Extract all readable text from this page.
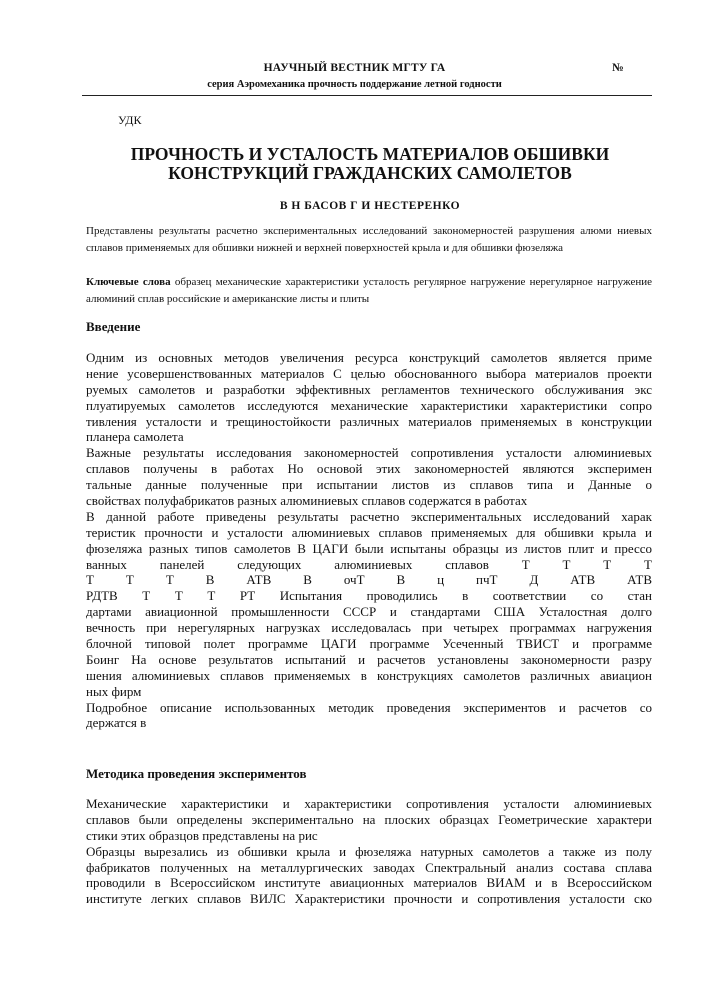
НАУЧНЫЙ ВЕСТНИК МГТУ ГА	№
серия Аэромеханика прочность поддержание летной годности
УДК
ПРОЧНОСТЬ И УСТАЛОСТЬ МАТЕРИАЛОВ ОБШИВКИ
КОНСТРУКЦИЙ ГРАЖДАНСКИХ САМОЛЕТОВ
В Н БАСОВ Г И НЕСТЕРЕНКО
Представлены результаты расчетно экспериментальных исследований закономерностей разрушения алюми ниевых сплавов применяемых для обшивки нижней и верхней поверхностей крыла и для обшивки фюзеляжа
Ключевые слова образец механические характеристики усталость регулярное нагружение нерегулярное нагружение алюминий сплав российские и американские листы и плиты
Введение
Одним из основных методов увеличения ресурса конструкций самолетов является приме
нение усовершенствованных материалов С целью обоснованного выбора материалов проекти
руемых самолетов и разработки эффективных регламентов технического обслуживания экс
плуатируемых самолетов исследуются механические характеристики характеристики сопро
тивления усталости и трещиностойкости различных материалов применяемых в конструкции
планера самолета
Важные результаты исследования закономерностей сопротивления усталости алюминиевых
сплавов получены в работах Но основой этих закономерностей являются эксперимен
тальные данные полученные при испытании листов из сплавов типа и Данные о
свойствах полуфабрикатов разных алюминиевых сплавов содержатся в работах
В данной работе приведены результаты расчетно экспериментальных исследований харак
теристик прочности и усталости алюминиевых сплавов применяемых для обшивки крыла и
фюзеляжа разных типов самолетов В ЦАГИ были испытаны образцы из листов плит и прессо
ванных панелей следующих алюминиевых сплавов Т Т Т Т
Т Т Т В АТВ В очТ В ц пчТ Д АТВ АТВ
РДТВ Т Т Т РТ Испытания проводились в соответствии со стан
дартами авиационной промышленности СССР и стандартами США Усталостная долго
вечность при нерегулярных нагрузках исследовалась при четырех программах нагружения
блочной типовой полет программе ЦАГИ программе Усеченный ТВИСТ и программе
Боинг На основе результатов испытаний и расчетов установлены закономерности разру
шения алюминиевых сплавов применяемых в конструкциях самолетов различных авиацион
ных фирм
Подробное описание использованных методик проведения экспериментов и расчетов со
держатся в
Методика проведения экспериментов
Механические характеристики и характеристики сопротивления усталости алюминиевых
сплавов были определены экспериментально на плоских образцах Геометрические характери
стики этих образцов представлены на рис
Образцы вырезались из обшивки крыла и фюзеляжа натурных самолетов а также из полу
фабрикатов полученных на металлургических заводах Спектральный анализ состава сплава
проводили в Всероссийском институте авиационных материалов ВИАМ и в Всероссийском
институте легких сплавов ВИЛС Характеристики прочности и сопротивления усталости ско
